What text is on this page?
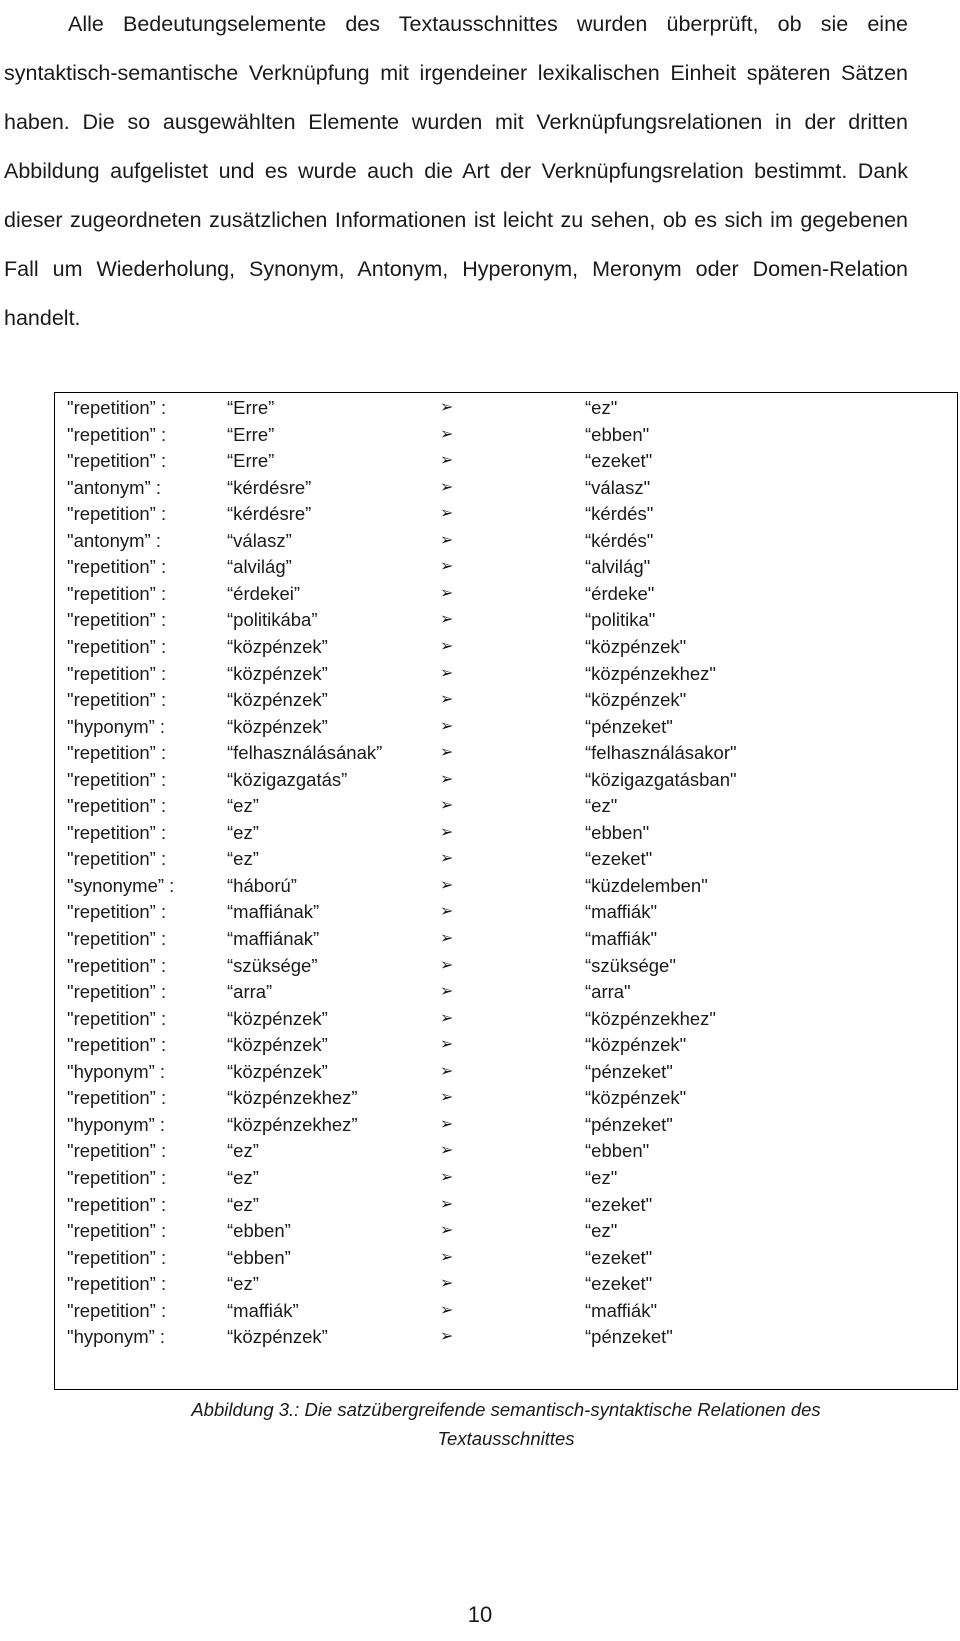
Alle Bedeutungselemente des Textausschnittes wurden überprüft, ob sie eine syntaktisch-semantische Verknüpfung mit irgendeiner lexikalischen Einheit späteren Sätzen haben. Die so ausgewählten Elemente wurden mit Verknüpfungsrelationen in der dritten Abbildung aufgelistet und es wurde auch die Art der Verknüpfungsrelation bestimmt. Dank dieser zugeordneten zusätzlichen Informationen ist leicht zu sehen, ob es sich im gegebenen Fall um Wiederholung, Synonym, Antonym, Hyperonym, Meronym oder Domen-Relation handelt.

"repetition” :	“Erre”	➢	“ez"
"repetition” :	“Erre”	➢	“ebben"
"repetition” :	“Erre”	➢	“ezeket"
"antonym” :	“kérdésre”	➢	“válasz"
"repetition” :	“kérdésre”	➢	“kérdés"
"antonym” :	“válasz”	➢	“kérdés"
"repetition” :	“alvilág”	➢	“alvilág"
"repetition” :	“érdekei”	➢	“érdeke"
"repetition” :	“politikába”	➢	“politika"
"repetition” :	“közpénzek”	➢	“közpénzek"
"repetition” :	“közpénzek”	➢	“közpénzekhez"
"repetition” :	“közpénzek”	➢	“közpénzek"
"hyponym” :	“közpénzek”	➢	“pénzeket"
"repetition” :	“felhasználásának”	➢	“felhasználásakor"
"repetition” :	“közigazgatás”	➢	“közigazgatásban"
"repetition” :	“ez”	➢	“ez"
"repetition” :	“ez”	➢	“ebben"
"repetition” :	“ez”	➢	“ezeket"
"synonyme” :	“háború”	➢	“küzdelemben"
"repetition” :	“maffiának”	➢	“maffiák"
"repetition” :	“maffiának”	➢	“maffiák"
"repetition” :	“szüksége”	➢	“szüksége"
"repetition” :	“arra”	➢	“arra"
"repetition” :	“közpénzek”	➢	“közpénzekhez"
"repetition” :	“közpénzek”	➢	“közpénzek"
"hyponym” :	“közpénzek”	➢	“pénzeket"
"repetition” :	“közpénzekhez”	➢	“közpénzek"
"hyponym” :	“közpénzekhez”	➢	“pénzeket"
"repetition” :	“ez”	➢	“ebben"
"repetition” :	“ez”	➢	“ez"
"repetition” :	“ez”	➢	“ezeket"
"repetition” :	“ebben”	➢	“ez"
"repetition” :	“ebben”	➢	“ezeket"
"repetition” :	“ez”	➢	“ezeket"
"repetition” :	“maffiák”	➢	“maffiák"
"hyponym” :	“közpénzek”	➢	“pénzeket"

Abbildung 3.: Die satzübergreifende semantisch-syntaktische Relationen des
Textausschnittes

10
